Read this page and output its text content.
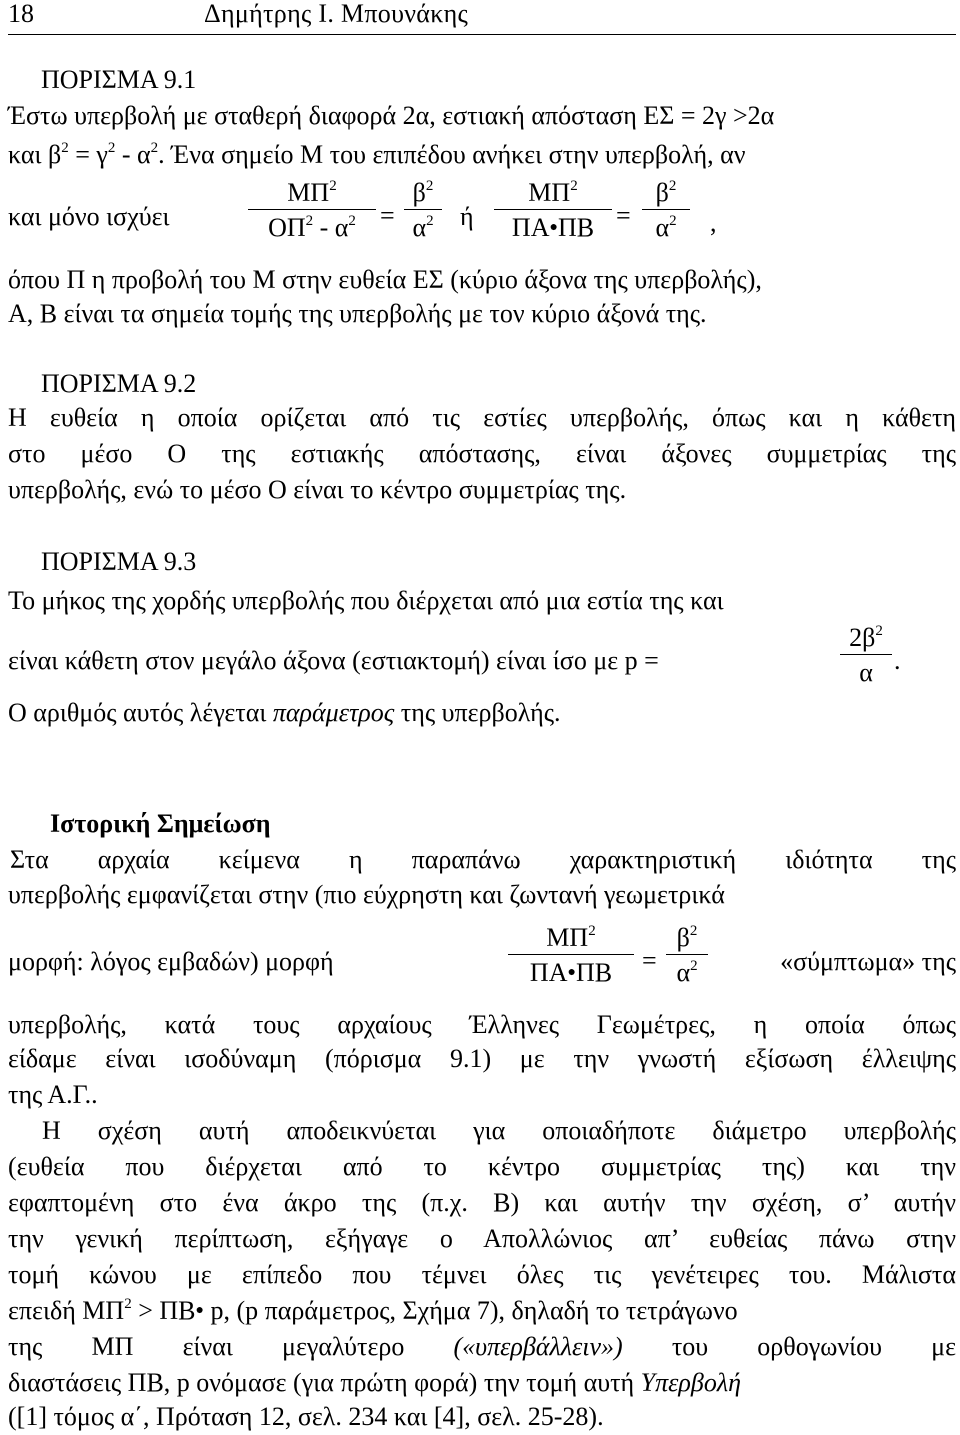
18	Δημήτρης Ι. Μπουνάκης
ΠΟΡΙΣΜΑ 9.1
Έστω υπερβολή με σταθερή διαφορά 2α, εστιακή απόσταση ΕΣ = 2γ >2α
και $\beta^2 = \gamma^2 - \alpha^2$. Ένα σημείο Μ του επιπέδου ανήκει στην υπερβολή, αν
και μόνο ισχύει
$M\Pi^2$
$O\Pi^2 - \alpha^2$ =
$\beta^2$
$\alpha^2$	ή
$M\Pi^2$
ΠΑ●ΠΒ =
$\beta^2$
$\alpha^2$	,
όπου Π η προβολή του Μ στην ευθεία ΕΣ (κύριο άξονα της υπερβολής),
Α, Β είναι τα σημεία τομής της υπερβολής με τον κύριο άξονά της.
ΠΟΡΙΣΜΑ 9.2
Η ευθεία η οποία ορίζεται από τις εστίες υπερβολής, όπως και η κάθετη
στο μέσο Ο της εστιακής απόστασης, είναι άξονες συμμετρίας της
υπερβολής, ενώ το μέσο Ο είναι το κέντρο συμμετρίας της.
ΠΟΡΙΣΜΑ 9.3
Το μήκος της χορδής υπερβολής που διέρχεται από μια εστία της και
είναι κάθετη στον μεγάλο άξονα (εστιακτομή) είναι ίσο με p =
$2\beta^2$
α .
Ο αριθμός αυτός λέγεται παράμετρος της υπερβολής.
Ιστορική Σημείωση
Στα αρχαία κείμενα η παραπάνω χαρακτηριστική ιδιότητα της
υπερβολής εμφανίζεται στην (πιο εύχρηστη και ζωντανή γεωμετρικά
μορφή: λόγος εμβαδών) μορφή
$M\Pi^2$
ΠΑ●ΠΒ	=
$\beta^2$
$\alpha^2$	«σύμπτωμα» της
υπερβολής, κατά τους αρχαίους Έλληνες Γεωμέτρες, η οποία όπως
είδαμε είναι ισοδύναμη (πόρισμα 9.1) με την γνωστή εξίσωση έλλειψης
της Α.Γ..
Η σχέση αυτή αποδεικνύεται για οποιαδήποτε διάμετρο υπερβολής
(ευθεία που διέρχεται από το κέντρο συμμετρίας της) και την
εφαπτομένη στο ένα άκρο της (π.χ. Β) και αυτήν την σχέση, σ’ αυτήν
την γενική περίπτωση, εξήγαγε ο Απολλώνιος απ’ ευθείας πάνω στην
τομή κώνου με επίπεδο που τέμνει όλες τις γενέτειρες του. Μάλιστα
επειδή $M\Pi^2$ > ΠΒ● p, (p παράμετρος, Σχήμα 7), δηλαδή το τετράγωνο
της ΜΠ είναι μεγαλύτερο («υπερβάλλειν») του ορθογωνίου με
διαστάσεις ΠΒ, p ονόμασε (για πρώτη φορά) την τομή αυτή Υπερβολή
([1] τόμος α΄, Πρόταση 12, σελ. 234 και [4], σελ. 25-28).
